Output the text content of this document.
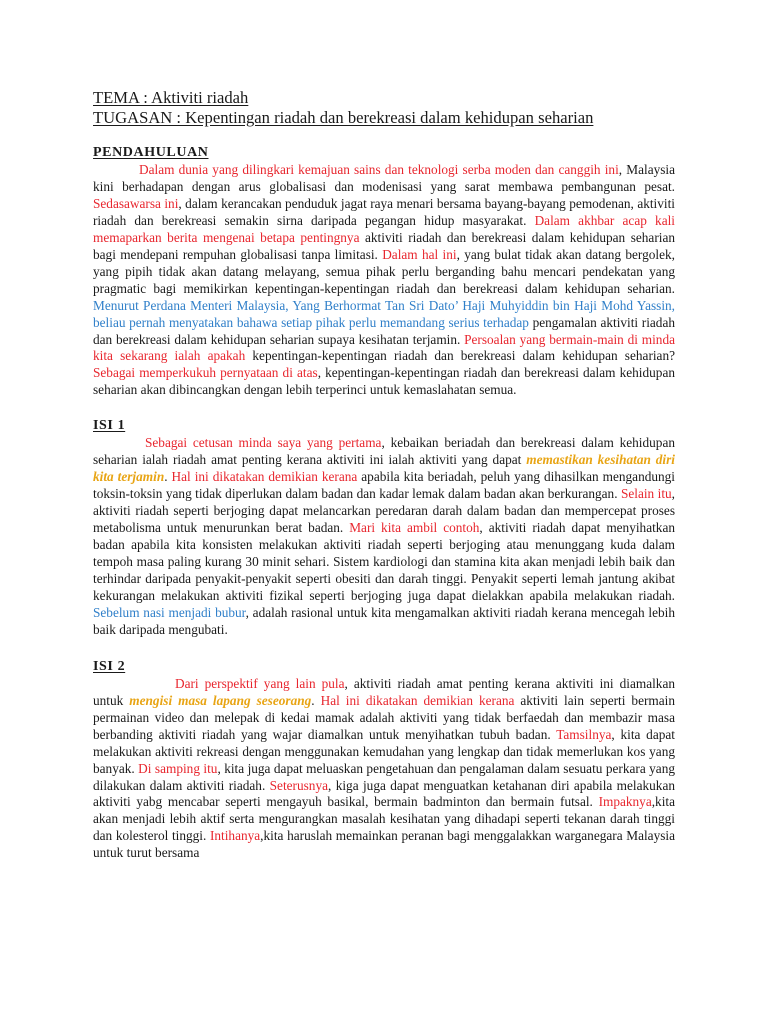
TEMA : Aktiviti riadah

TUGASAN : Kepentingan riadah dan berekreasi dalam kehidupan seharian

PENDAHULUAN

Dalam dunia yang dilingkari kemajuan sains dan teknologi serba moden dan canggih ini, Malaysia kini berhadapan dengan arus globalisasi dan modenisasi yang sarat membawa pembangunan pesat. Sedasawarsa ini, dalam kerancakan penduduk jagat raya menari bersama bayang-bayang pemodenan, aktiviti riadah dan berekreasi semakin sirna daripada pegangan hidup masyarakat. Dalam akhbar acap kali memaparkan berita mengenai betapa pentingnya aktiviti riadah dan berekreasi dalam kehidupan seharian bagi mendepani rempuhan globalisasi tanpa limitasi. Dalam hal ini, yang bulat tidak akan datang bergolek, yang pipih tidak akan datang melayang, semua pihak perlu berganding bahu mencari pendekatan yang pragmatic bagi memikirkan kepentingan-kepentingan riadah dan berekreasi dalam kehidupan seharian. Menurut Perdana Menteri Malaysia, Yang Berhormat Tan Sri Dato’ Haji Muhyiddin bin Haji Mohd Yassin, beliau pernah menyatakan bahawa setiap pihak perlu memandang serius terhadap pengamalan aktiviti riadah dan berekreasi dalam kehidupan seharian supaya kesihatan terjamin. Persoalan yang bermain-main di minda kita sekarang ialah apakah kepentingan-kepentingan riadah dan berekreasi dalam kehidupan seharian? Sebagai memperkukuh pernyataan di atas, kepentingan-kepentingan riadah dan berekreasi dalam kehidupan seharian akan dibincangkan dengan lebih terperinci untuk kemaslahatan semua.

ISI 1

Sebagai cetusan minda saya yang pertama, kebaikan beriadah dan berekreasi dalam kehidupan seharian ialah riadah amat penting kerana aktiviti ini ialah aktiviti yang dapat memastikan kesihatan diri kita terjamin. Hal ini dikatakan demikian kerana apabila kita beriadah, peluh yang dihasilkan mengandungi toksin-toksin yang tidak diperlukan dalam badan dan kadar lemak dalam badan akan berkurangan. Selain itu, aktiviti riadah seperti berjoging dapat melancarkan peredaran darah dalam badan dan mempercepat proses metabolisma untuk menurunkan berat badan. Mari kita ambil contoh, aktiviti riadah dapat menyihatkan badan apabila kita konsisten melakukan aktiviti riadah seperti berjoging atau menunggang kuda dalam tempoh masa paling kurang 30 minit sehari. Sistem kardiologi dan stamina kita akan menjadi lebih baik dan terhindar daripada penyakit-penyakit seperti obesiti dan darah tinggi. Penyakit seperti lemah jantung akibat kekurangan melakukan aktiviti fizikal seperti berjoging juga dapat dielakkan apabila melakukan riadah. Sebelum nasi menjadi bubur, adalah rasional untuk kita mengamalkan aktiviti riadah kerana mencegah lebih baik daripada mengubati.

ISI 2

Dari perspektif yang lain pula, aktiviti riadah amat penting kerana aktiviti ini diamalkan untuk mengisi masa lapang seseorang. Hal ini dikatakan demikian kerana aktiviti lain seperti bermain permainan video dan melepak di kedai mamak adalah aktiviti yang tidak berfaedah dan membazir masa berbanding aktiviti riadah yang wajar diamalkan untuk menyihatkan tubuh badan. Tamsilnya, kita dapat melakukan aktiviti rekreasi dengan menggunakan kemudahan yang lengkap dan tidak memerlukan kos yang banyak. Di samping itu, kita juga dapat meluaskan pengetahuan dan pengalaman dalam sesuatu perkara yang dilakukan dalam aktiviti riadah. Seterusnya, kiga juga dapat menguatkan ketahanan diri apabila melakukan aktiviti yabg mencabar seperti mengayuh basikal, bermain badminton dan bermain futsal. Impaknya,kita akan menjadi lebih aktif serta mengurangkan masalah kesihatan yang dihadapi seperti tekanan darah tinggi dan kolesterol tinggi. Intihanya,kita haruslah memainkan peranan bagi menggalakkan warganegara Malaysia untuk turut bersama
